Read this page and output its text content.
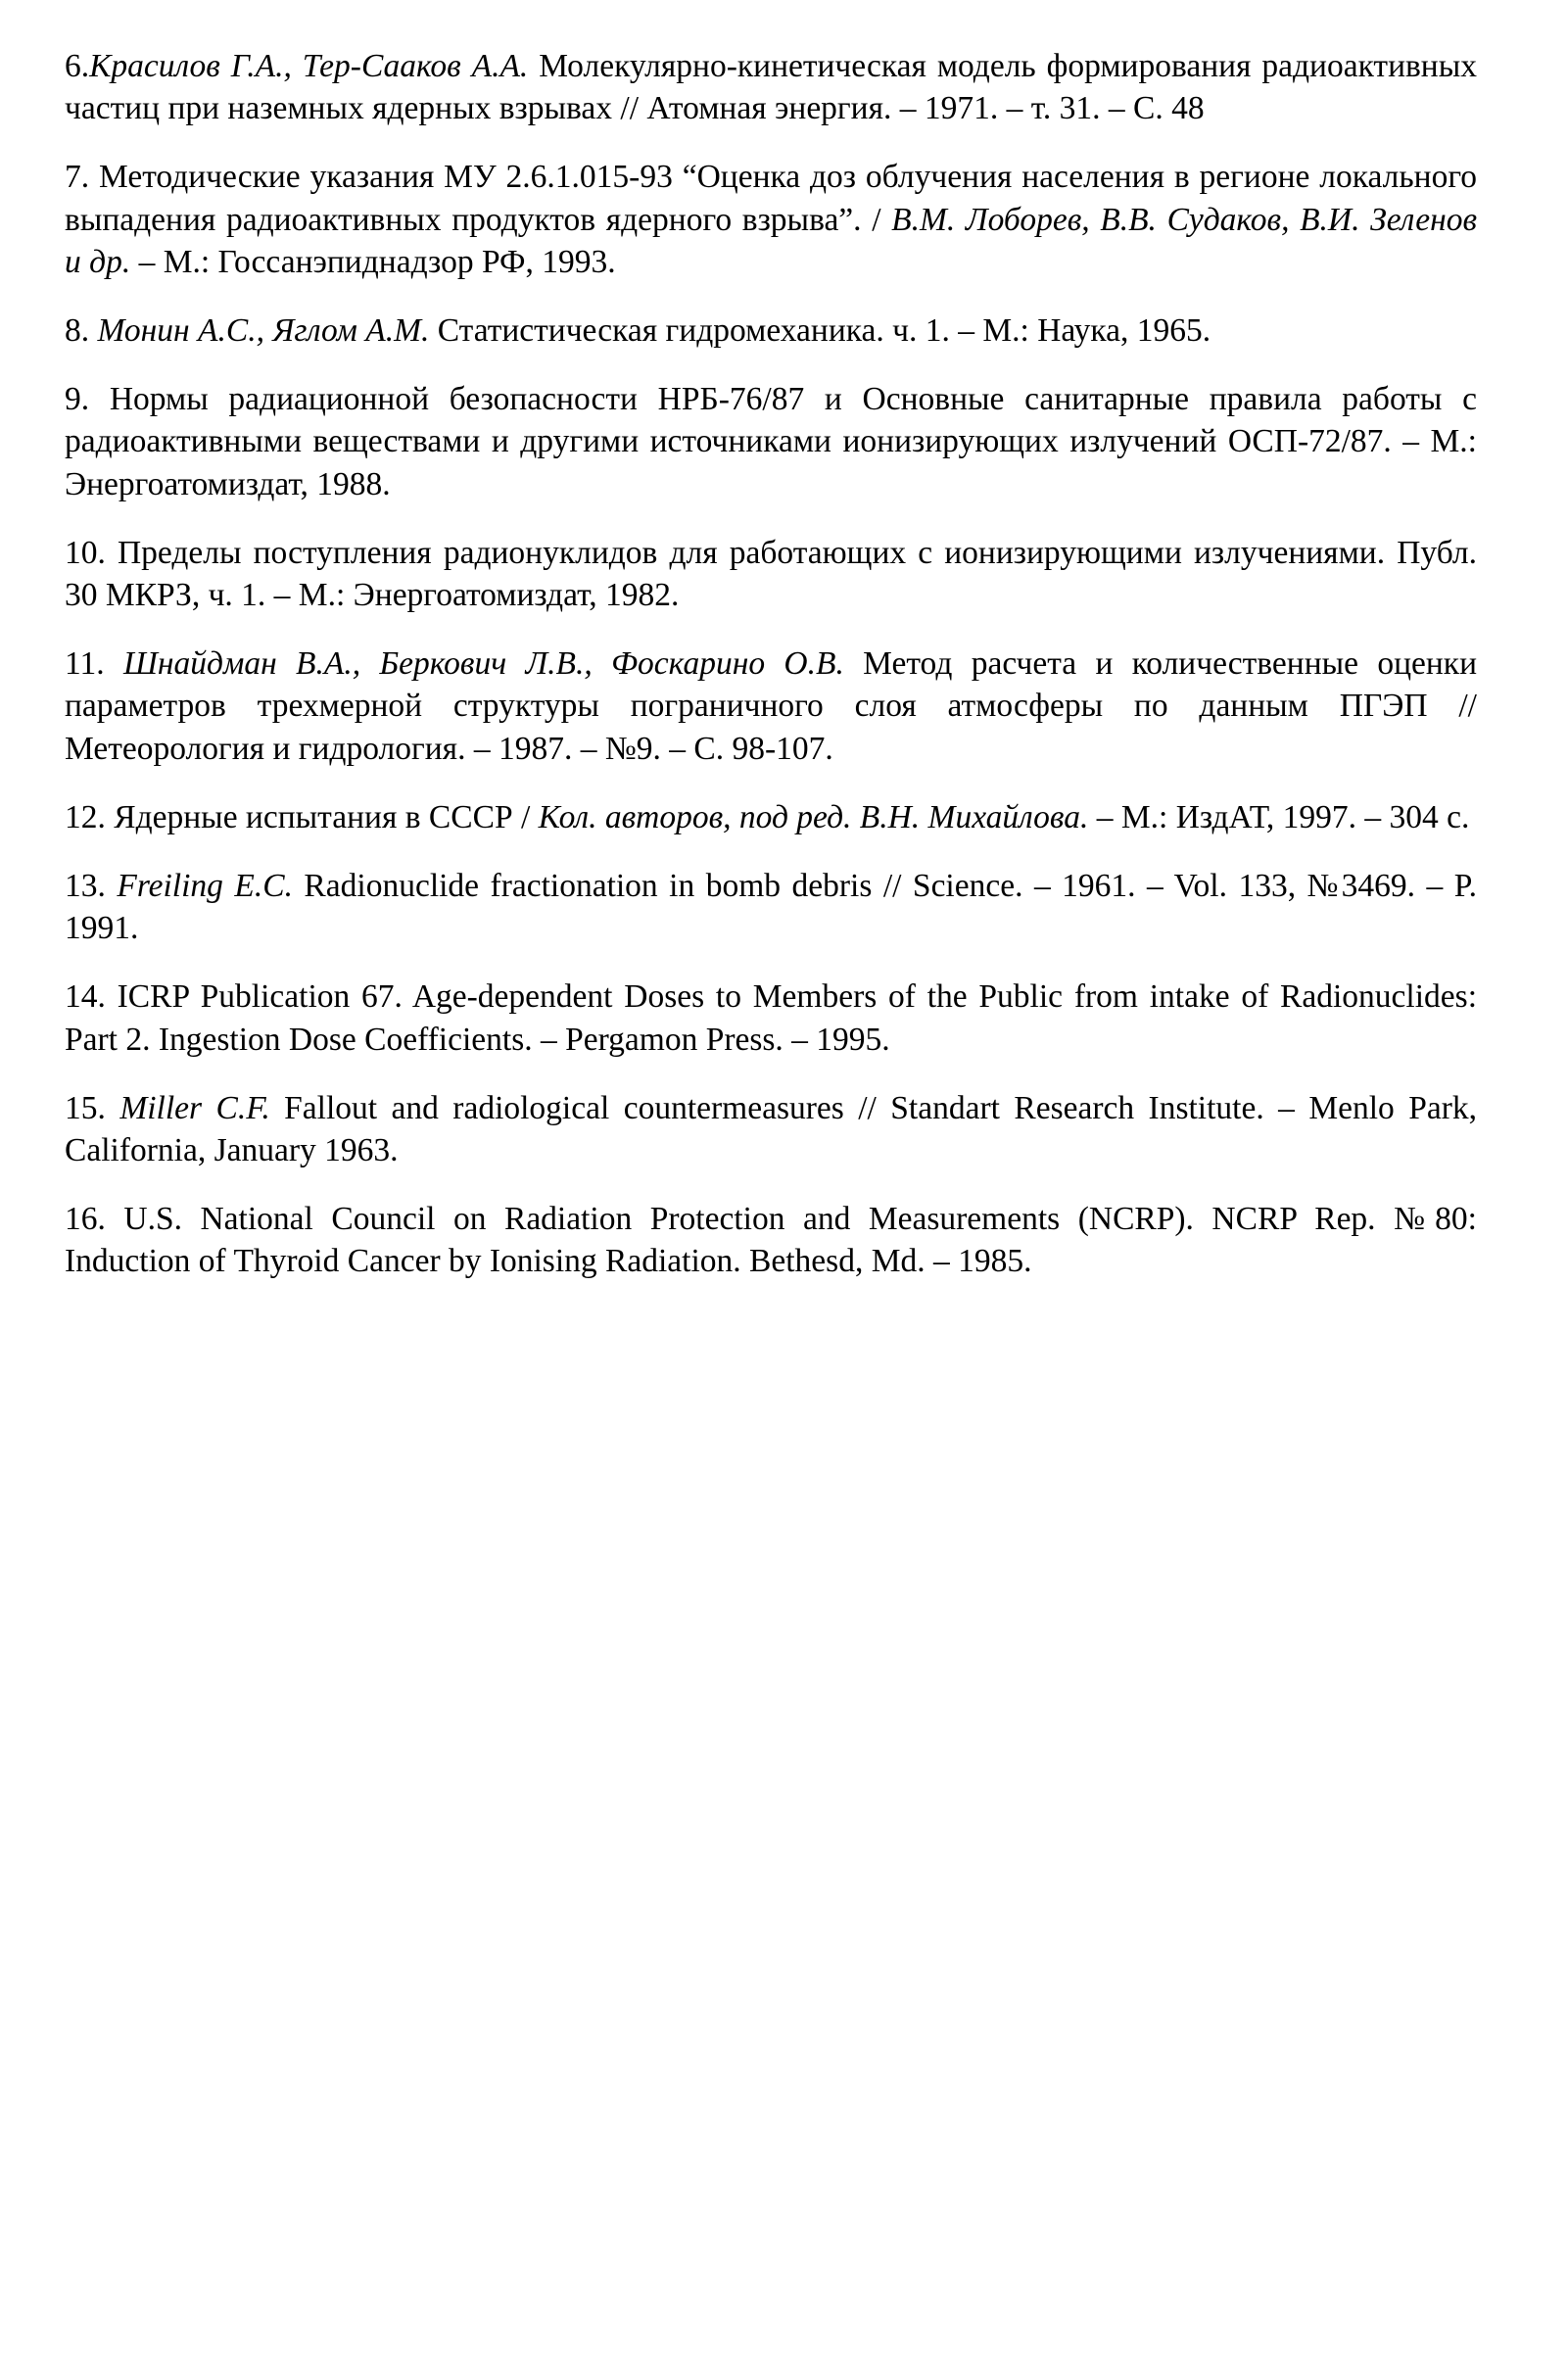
6.Красилов Г.А., Тер-Сааков А.А. Молекулярно-кинетическая модель формирования радиоактивных частиц при наземных ядерных взрывах // Атомная энергия. – 1971. – т. 31. – С. 48

7. Методические указания МУ 2.6.1.015-93 “Оценка доз облучения населения в регионе локального выпадения радиоактивных продуктов ядерного взрыва”. / В.М. Лоборев, В.В. Судаков, В.И. Зеленов и др. – М.: Госсанэпиднадзор РФ, 1993.

8. Монин А.С., Яглом А.М. Статистическая гидромеханика. ч. 1. – М.: Наука, 1965.

9. Нормы радиационной безопасности НРБ-76/87 и Основные санитарные правила работы с радиоактивными веществами и другими источниками ионизирующих излучений ОСП-72/87. – М.: Энергоатомиздат, 1988.

10. Пределы поступления радионуклидов для работающих с ионизирующими излучениями. Публ. 30 МКРЗ, ч. 1. – М.: Энергоатомиздат, 1982.

11. Шнайдман В.А., Беркович Л.В., Фоскарино О.В. Метод расчета и количественные оценки параметров трехмерной структуры пограничного слоя атмосферы по данным ПГЭП // Метеорология и гидрология. – 1987. – №9. – С. 98-107.

12. Ядерные испытания в СССР / Кол. авторов, под ред. В.Н. Михайлова. – М.: ИздАТ, 1997. – 304 с.

13. Freiling E.C. Radionuclide fractionation in bomb debris // Science. – 1961. – Vol. 133, №3469. – P. 1991.

14. ICRP Publication 67. Age-dependent Doses to Members of the Public from intake of Radionuclides: Part 2. Ingestion Dose Coefficients. – Pergamon Press. – 1995.

15. Miller C.F. Fallout and radiological countermeasures // Standart Research Institute. – Menlo Park, California, January 1963.

16. U.S. National Council on Radiation Protection and Measurements (NCRP). NCRP Rep. №80: Induction of Thyroid Cancer by Ionising Radiation. Bethesd, Md. – 1985.
